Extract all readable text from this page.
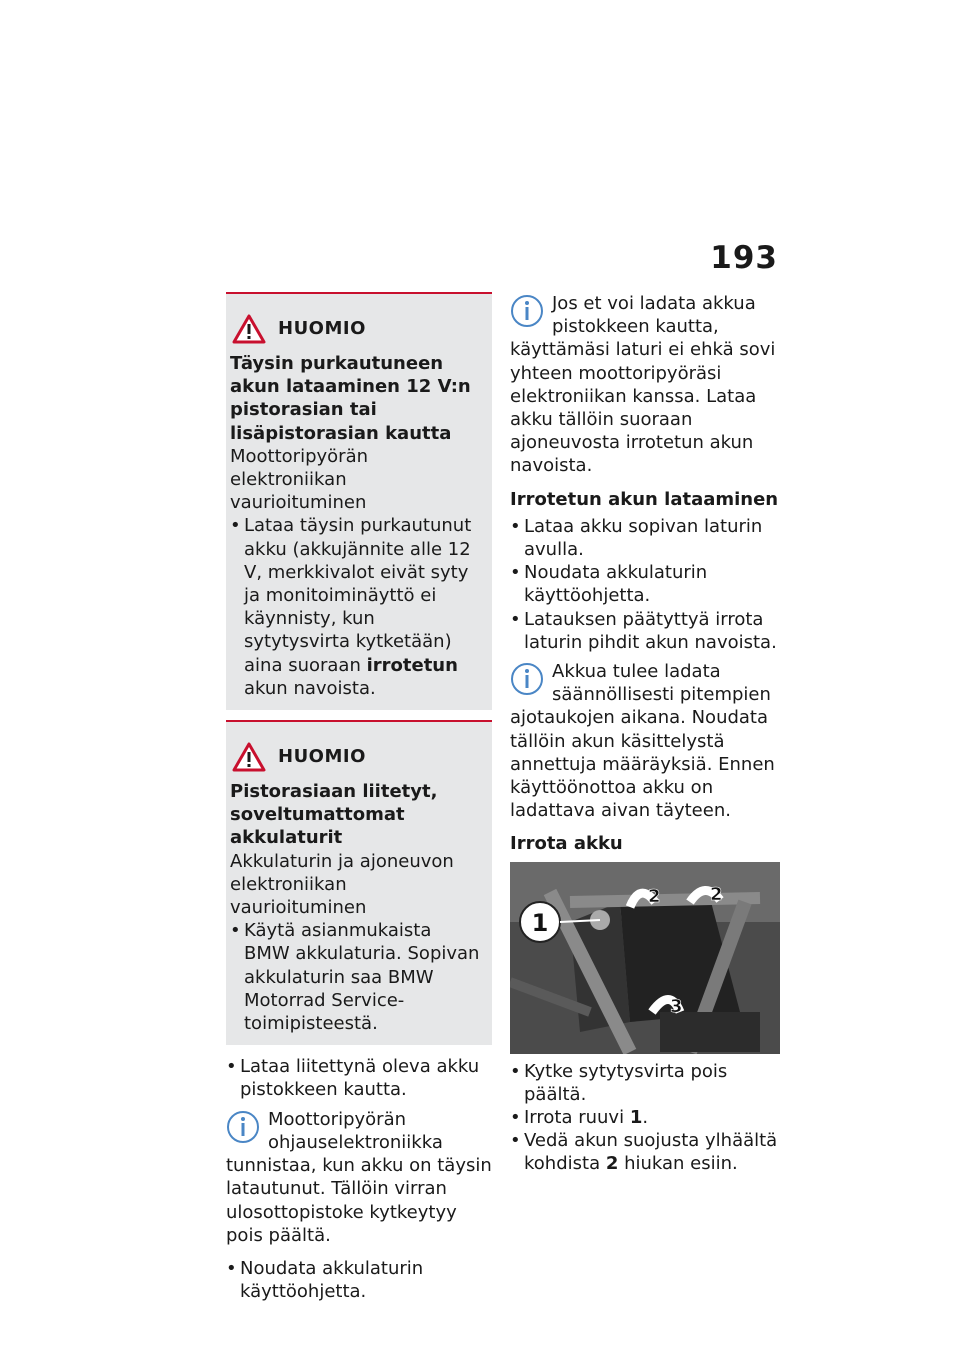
193
HUOMIO
Täysin purkautuneen akun lataaminen 12 V:n pistorasian tai lisäpistorasian kautta
Moottoripyörän elektroniikan vaurioituminen
• Lataa täysin purkautunut akku (akkujännite alle 12 V, merkkivalot eivät syty ja monitoiminäyttö ei käynnisty, kun sytytysvirta kytketään) aina suoraan irrotetun akun navoista.
HUOMIO
Pistorasiaan liitetyt, soveltumattomat akkulaturit
Akkulaturin ja ajoneuvon elektroniikan vaurioituminen
• Käytä asianmukaista BMW akkulaturia. Sopivan akkulaturin saa BMW Motorrad Service-toimipisteestä.
• Lataa liitettynä oleva akku pistokkeen kautta.
Moottoripyörän ohjauselektroniikka tunnistaa, kun akku on täysin latautunut. Tällöin virran ulosottopistoke kytkeytyy pois päältä.
• Noudata akkulaturin käyttöohjetta.
Jos et voi ladata akkua pistokkeen kautta, käyttämäsi laturi ei ehkä sovi yhteen moottoripyöräsi elektroniikan kanssa. Lataa akku tällöin suoraan ajoneuvosta irrotetun akun navoista.
Irrotetun akun lataaminen
• Lataa akku sopivan laturin avulla.
• Noudata akkulaturin käyttöohjetta.
• Latauksen päätyttyä irrota laturin pihdit akun navoista.
Akkua tulee ladata säännöllisesti pitempien ajotaukojen aikana. Noudata tällöin akun käsittelystä annettuja määräyksiä. Ennen käyttöönottoa akku on ladattava aivan täyteen.
Irrota akku
1
2	2
3
• Kytke sytytysvirta pois päältä.
• Irrota ruuvi 1.
• Vedä akun suojusta ylhäältä kohdista 2 hiukan esiin.
